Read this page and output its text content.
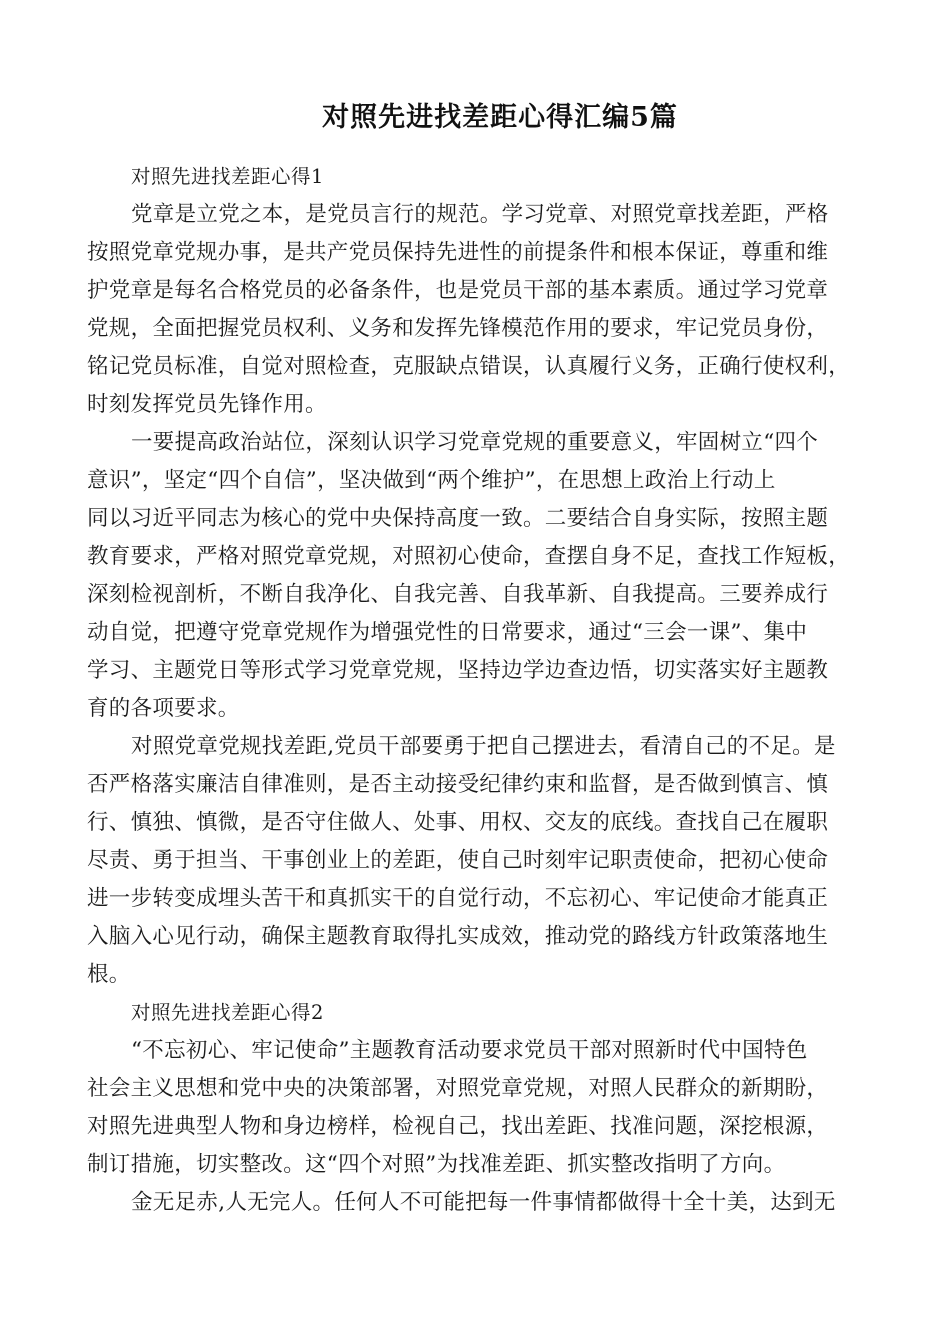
对照先进找差距心得汇编5篇
对照先进找差距心得1
党章是立党之本，是党员言行的规范。学习党章、对照党章找差距，严格
按照党章党规办事，是共产党员保持先进性的前提条件和根本保证，尊重和维
护党章是每名合格党员的必备条件，也是党员干部的基本素质。通过学习党章
党规，全面把握党员权利、义务和发挥先锋模范作用的要求，牢记党员身份，
铭记党员标准，自觉对照检查，克服缺点错误，认真履行义务，正确行使权利，
时刻发挥党员先锋作用。
一要提高政治站位，深刻认识学习党章党规的重要意义，牢固树立“四个
意识”，坚定“四个自信”，坚决做到“两个维护”，在思想上政治上行动上
同以习近平同志为核心的党中央保持高度一致。二要结合自身实际，按照主题
教育要求，严格对照党章党规，对照初心使命，查摆自身不足，查找工作短板，
深刻检视剖析，不断自我净化、自我完善、自我革新、自我提高。三要养成行
动自觉，把遵守党章党规作为增强党性的日常要求，通过“三会一课”、集中
学习、主题党日等形式学习党章党规，坚持边学边查边悟，切实落实好主题教
育的各项要求。
对照党章党规找差距,党员干部要勇于把自己摆进去，看清自己的不足。是
否严格落实廉洁自律准则，是否主动接受纪律约束和监督，是否做到慎言、慎
行、慎独、慎微，是否守住做人、处事、用权、交友的底线。查找自己在履职
尽责、勇于担当、干事创业上的差距，使自己时刻牢记职责使命，把初心使命
进一步转变成埋头苦干和真抓实干的自觉行动，不忘初心、牢记使命才能真正
入脑入心见行动，确保主题教育取得扎实成效，推动党的路线方针政策落地生
根。
对照先进找差距心得2
“不忘初心、牢记使命”主题教育活动要求党员干部对照新时代中国特色
社会主义思想和党中央的决策部署，对照党章党规，对照人民群众的新期盼，
对照先进典型人物和身边榜样，检视自己，找出差距、找准问题，深挖根源，
制订措施，切实整改。这“四个对照”为找准差距、抓实整改指明了方向。
金无足赤,人无完人。任何人不可能把每一件事情都做得十全十美，达到无
